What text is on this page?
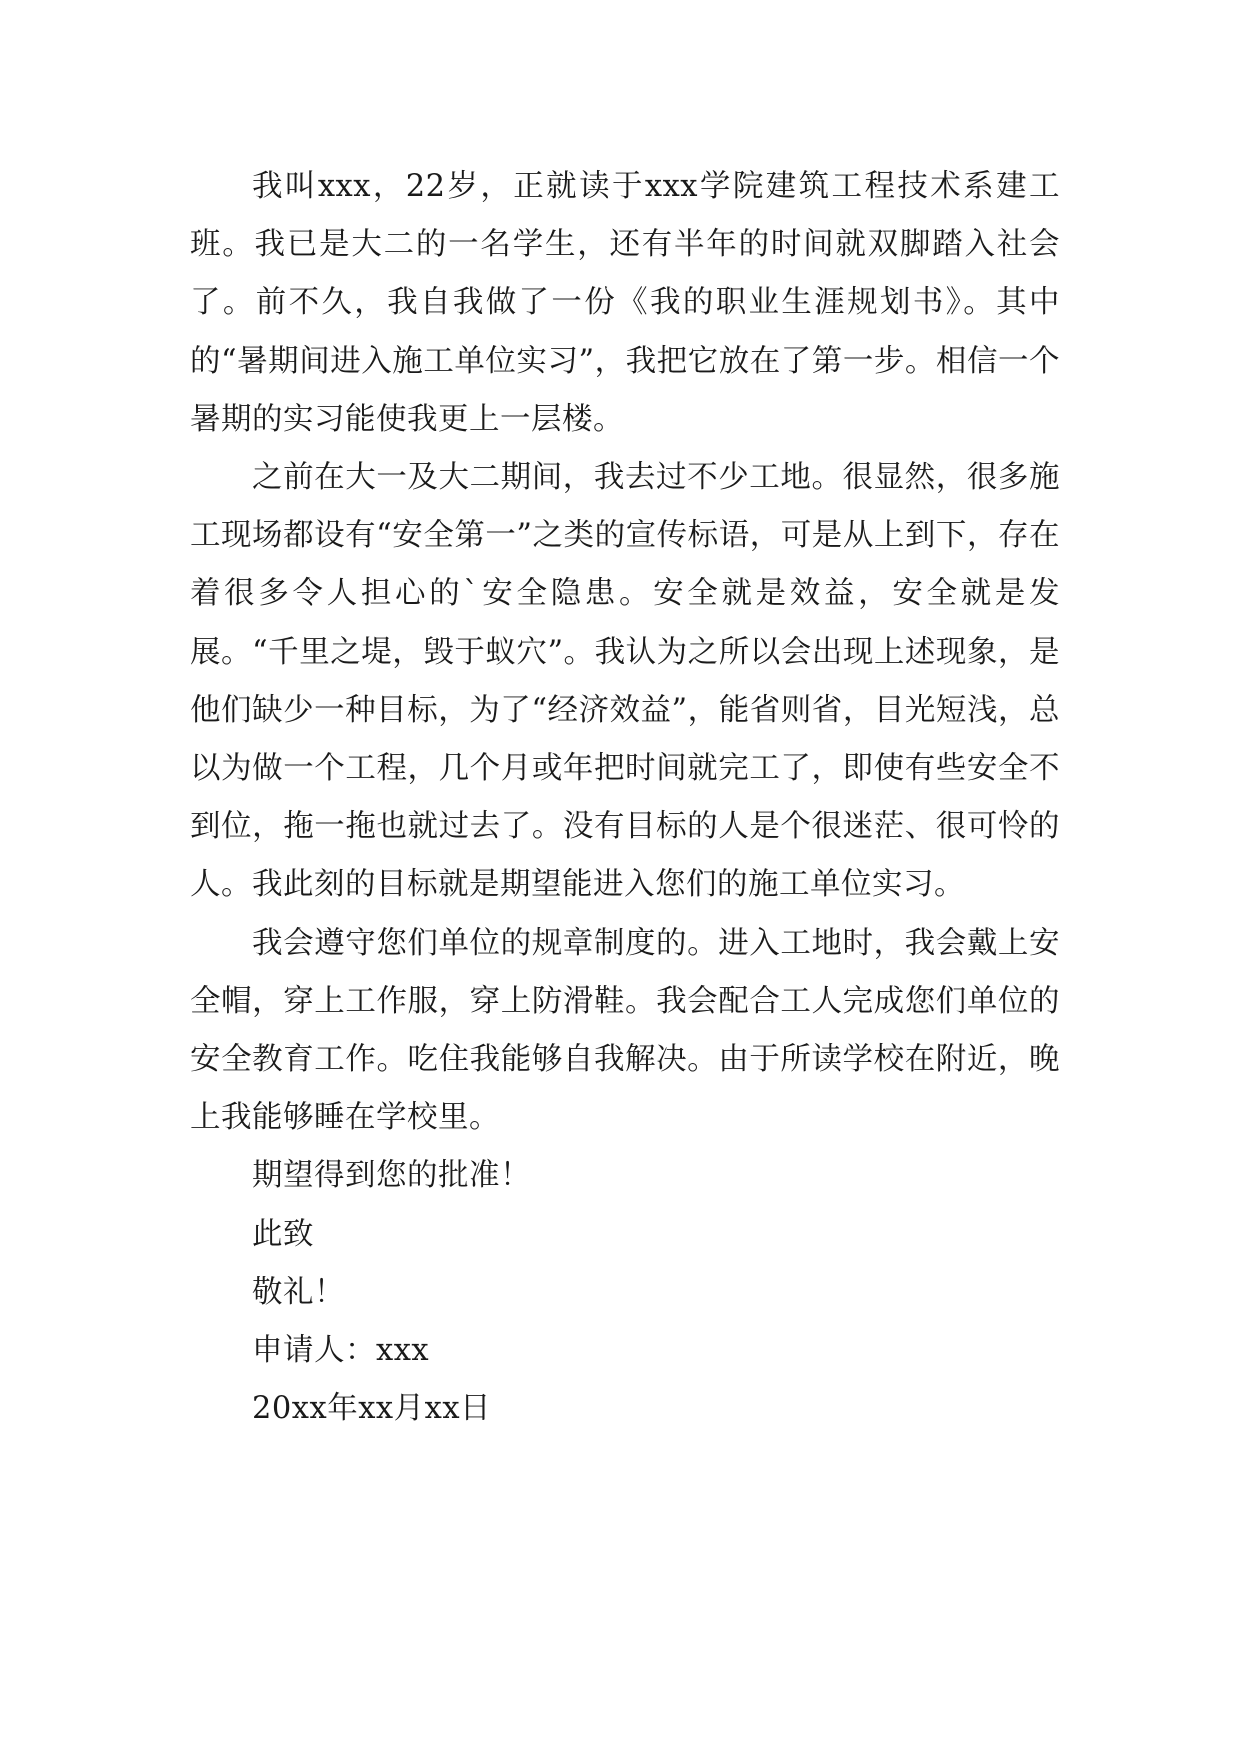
我叫xxx，22岁，正就读于xxx学院建筑工程技术系建工班。我已是大二的一名学生，还有半年的时间就双脚踏入社会了。前不久，我自我做了一份《我的职业生涯规划书》。其中的“暑期间进入施工单位实习”，我把它放在了第一步。相信一个暑期的实习能使我更上一层楼。

之前在大一及大二期间，我去过不少工地。很显然，很多施工现场都设有“安全第一”之类的宣传标语，可是从上到下，存在着很多令人担心的`安全隐患。安全就是效益，安全就是发展。“千里之堤，毁于蚁穴”。我认为之所以会出现上述现象，是他们缺少一种目标，为了“经济效益”，能省则省，目光短浅，总以为做一个工程，几个月或年把时间就完工了，即使有些安全不到位，拖一拖也就过去了。没有目标的人是个很迷茫、很可怜的人。我此刻的目标就是期望能进入您们的施工单位实习。

我会遵守您们单位的规章制度的。进入工地时，我会戴上安全帽，穿上工作服，穿上防滑鞋。我会配合工人完成您们单位的安全教育工作。吃住我能够自我解决。由于所读学校在附近，晚上我能够睡在学校里。

期望得到您的批准！

此致

敬礼！

申请人：xxx

20xx年xx月xx日
